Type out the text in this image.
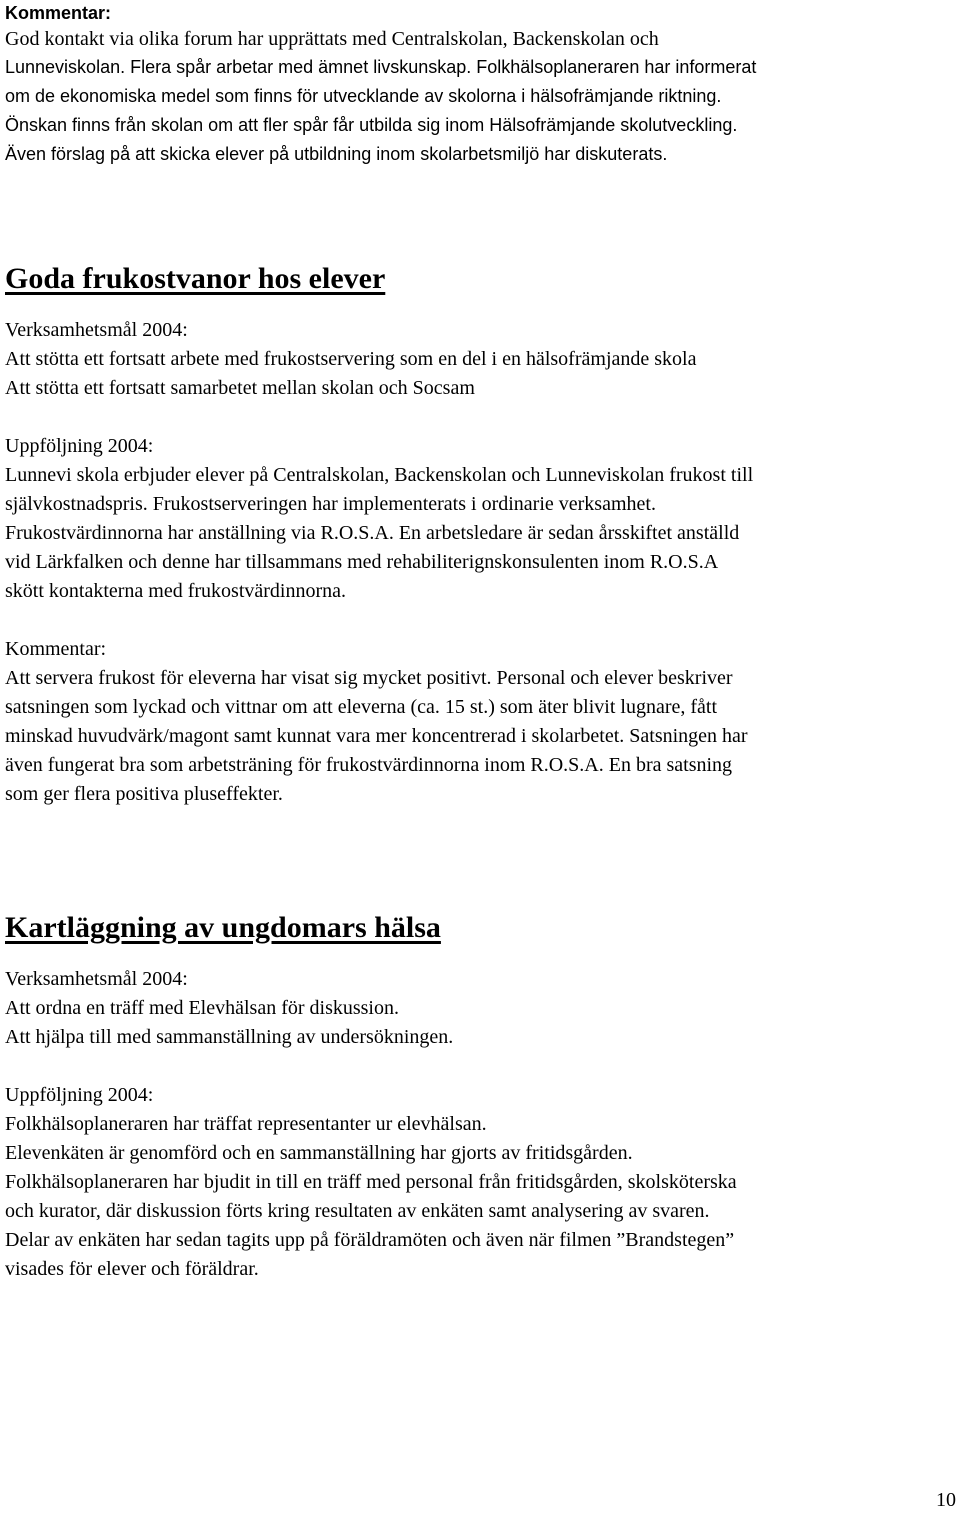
Kommentar:

God kontakt via olika forum har upprättats med Centralskolan, Backenskolan och

Lunneviskolan. Flera spår arbetar med ämnet livskunskap. Folkhälsoplaneraren har informerat

om de ekonomiska medel som finns för utvecklande av skolorna i hälsofrämjande riktning.

Önskan finns från skolan om att fler spår får utbilda sig inom Hälsofrämjande skolutveckling.

Även förslag på att skicka elever på utbildning inom skolarbetsmiljö har diskuterats.

Goda frukostvanor hos elever

Verksamhetsmål 2004:

Att stötta ett fortsatt arbete med frukostservering som en del i en hälsofrämjande skola

Att stötta ett fortsatt samarbetet mellan skolan och Socsam

Uppföljning 2004:

Lunnevi skola erbjuder elever på Centralskolan, Backenskolan och Lunneviskolan frukost till

självkostnadspris. Frukostserveringen har implementerats i ordinarie verksamhet.

Frukostvärdinnorna har anställning via R.O.S.A. En arbetsledare är sedan årsskiftet anställd

vid Lärkfalken och denne har tillsammans med rehabiliterignskonsulenten inom R.O.S.A

skött kontakterna med frukostvärdinnorna.

Kommentar:

Att servera frukost för eleverna har visat sig mycket positivt. Personal och elever beskriver

satsningen som lyckad och vittnar om att eleverna (ca. 15 st.) som äter blivit lugnare, fått

minskad huvudvärk/magont samt kunnat vara mer koncentrerad i skolarbetet. Satsningen har

även fungerat bra som arbetsträning för frukostvärdinnorna inom R.O.S.A. En bra satsning

som ger flera positiva pluseffekter.

Kartläggning av ungdomars hälsa

Verksamhetsmål 2004:

Att ordna en träff med Elevhälsan för diskussion.

Att hjälpa till med sammanställning av undersökningen.

Uppföljning 2004:

Folkhälsoplaneraren har träffat representanter ur elevhälsan.

Elevenkäten är genomförd och en sammanställning har gjorts av fritidsgården.

Folkhälsoplaneraren har bjudit in till en träff med personal från fritidsgården, skolsköterska

och kurator, där diskussion förts kring resultaten av enkäten samt analysering av svaren.

Delar av enkäten har sedan tagits upp på föräldramöten och även när filmen ”Brandstegen”

visades för elever och föräldrar.

10
